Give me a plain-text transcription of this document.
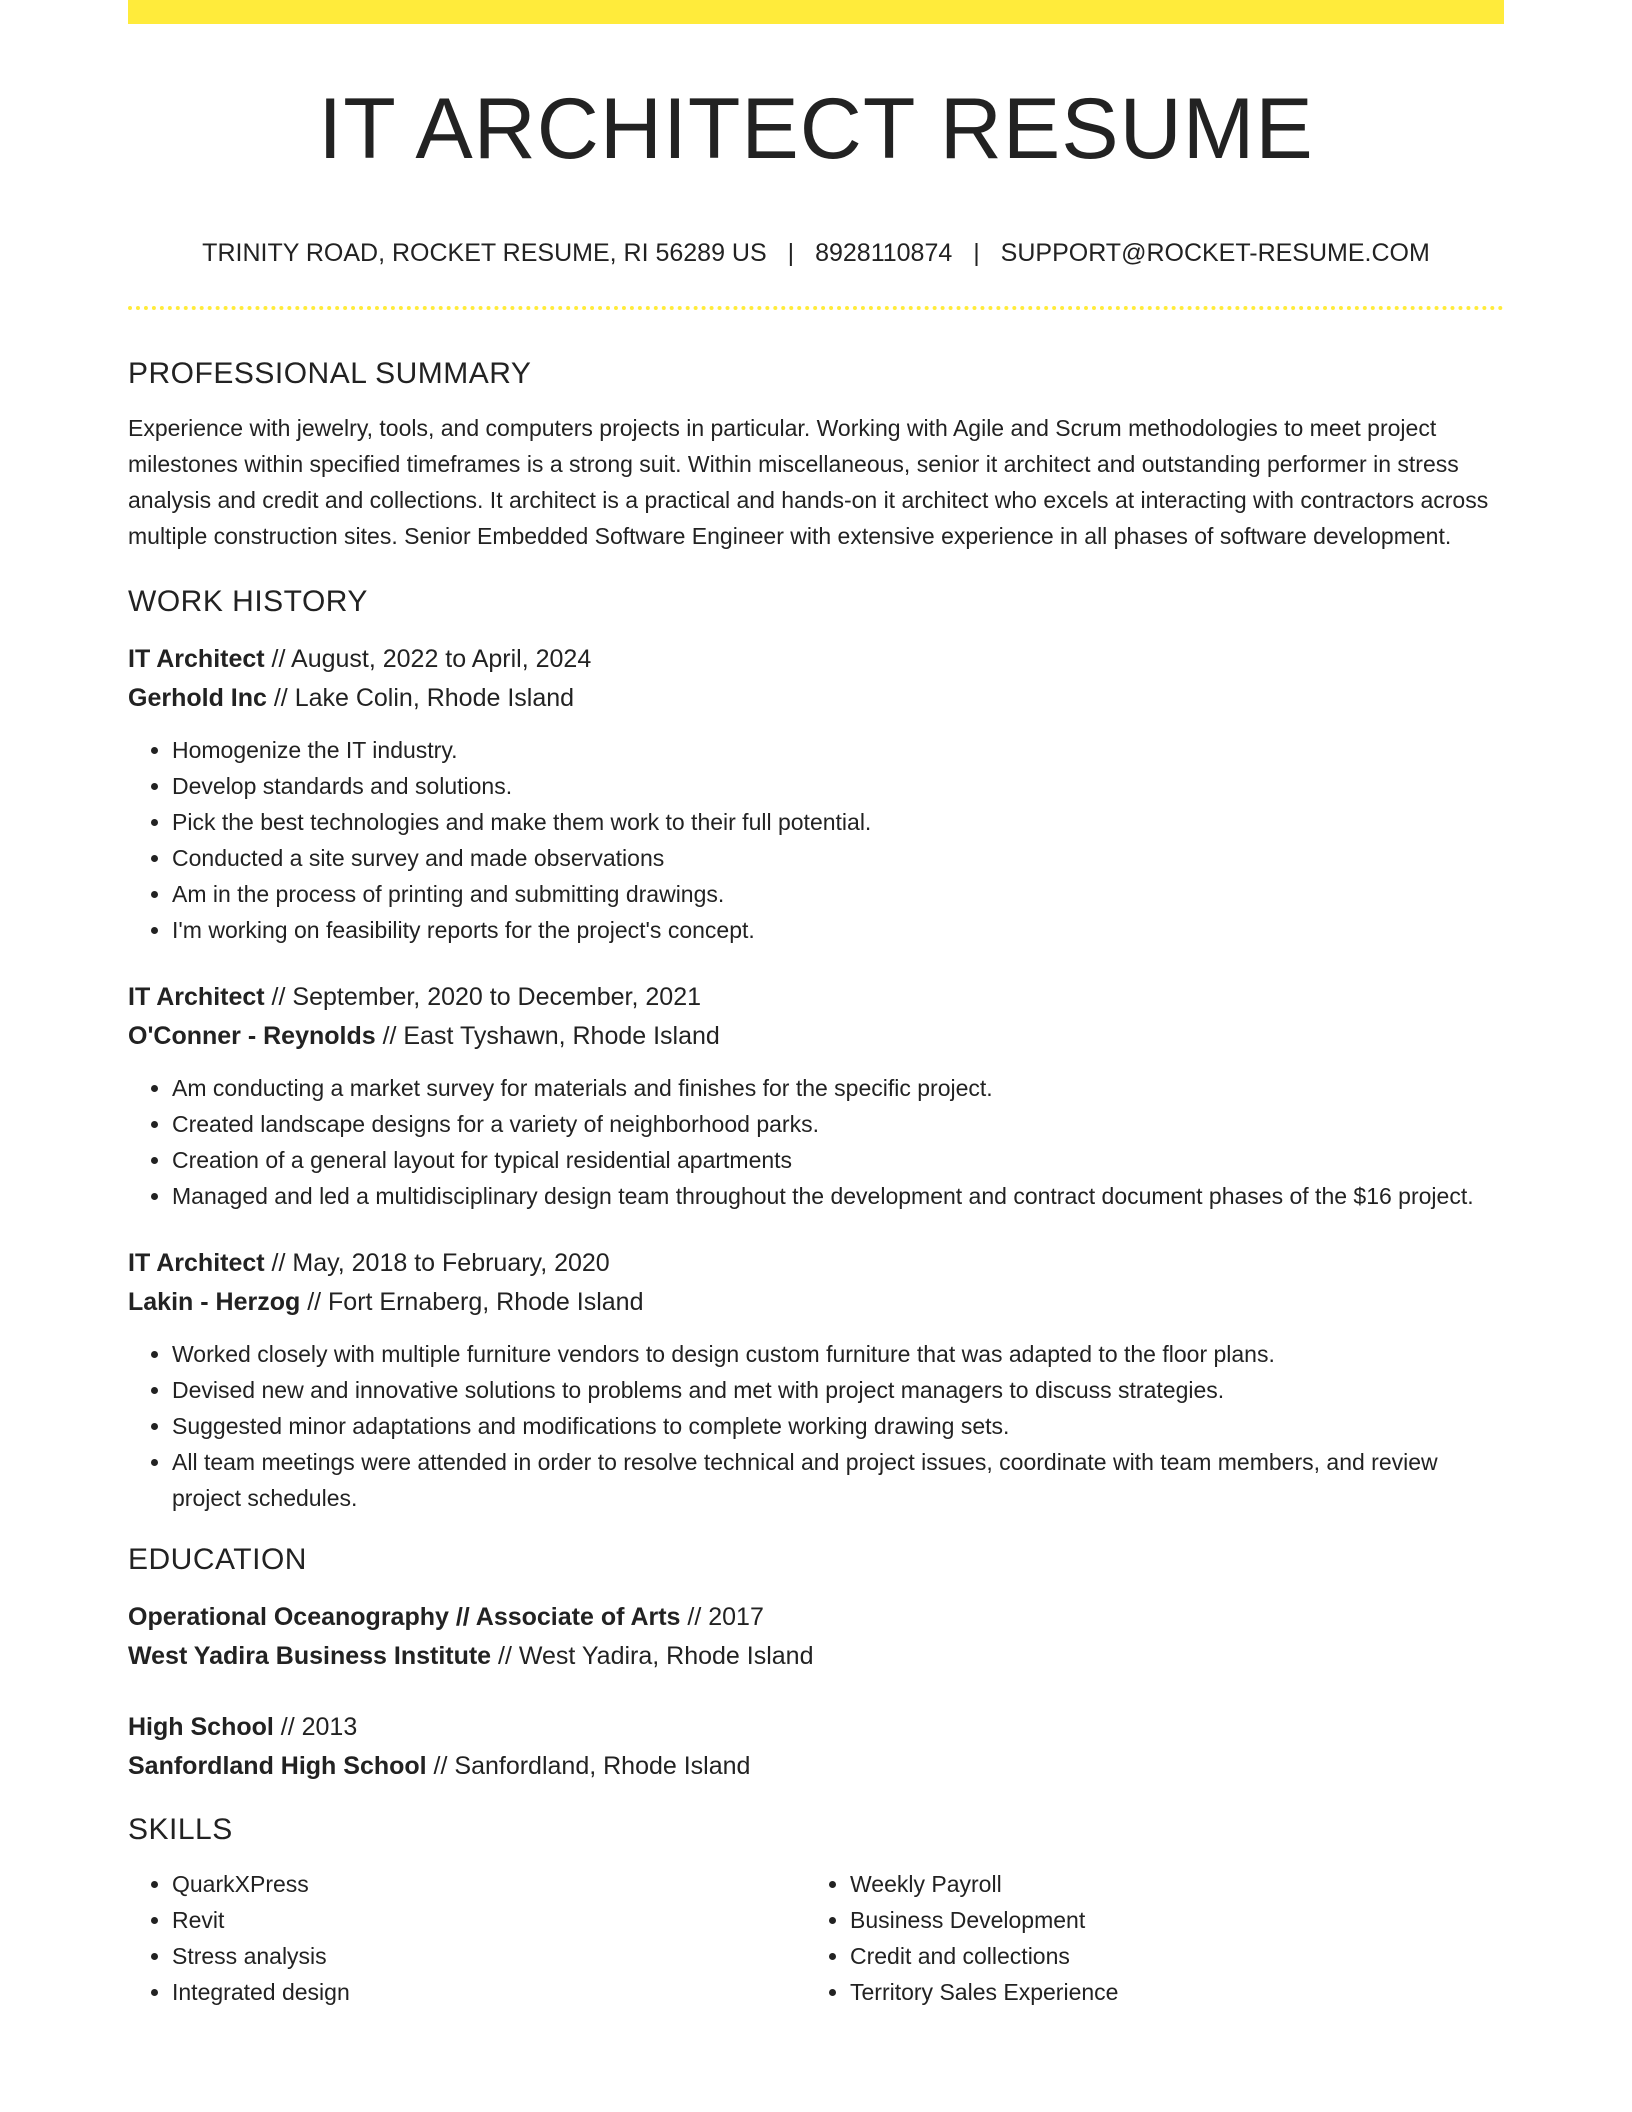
IT ARCHITECT RESUME
TRINITY ROAD, ROCKET RESUME, RI 56289 US | 8928110874 | SUPPORT@ROCKET-RESUME.COM
PROFESSIONAL SUMMARY

Experience with jewelry, tools, and computers projects in particular. Working with Agile and Scrum methodologies to meet project milestones within specified timeframes is a strong suit. Within miscellaneous, senior it architect and outstanding performer in stress analysis and credit and collections. It architect is a practical and hands-on it architect who excels at interacting with contractors across multiple construction sites. Senior Embedded Software Engineer with extensive experience in all phases of software development.

WORK HISTORY

IT Architect // August, 2022 to April, 2024

Gerhold Inc // Lake Colin, Rhode Island

• Homogenize the IT industry.
• Develop standards and solutions.
• Pick the best technologies and make them work to their full potential.
• Conducted a site survey and made observations
• Am in the process of printing and submitting drawings.
• I'm working on feasibility reports for the project's concept.

IT Architect // September, 2020 to December, 2021

O'Conner - Reynolds // East Tyshawn, Rhode Island

• Am conducting a market survey for materials and finishes for the specific project.
• Created landscape designs for a variety of neighborhood parks.
• Creation of a general layout for typical residential apartments
• Managed and led a multidisciplinary design team throughout the development and contract document phases of the $16 project.

IT Architect // May, 2018 to February, 2020

Lakin - Herzog // Fort Ernaberg, Rhode Island

• Worked closely with multiple furniture vendors to design custom furniture that was adapted to the floor plans.
• Devised new and innovative solutions to problems and met with project managers to discuss strategies.
• Suggested minor adaptations and modifications to complete working drawing sets.
• All team meetings were attended in order to resolve technical and project issues, coordinate with team members, and review project schedules.
EDUCATION

Operational Oceanography // Associate of Arts // 2017

West Yadira Business Institute // West Yadira, Rhode Island

High School // 2013

Sanfordland High School // Sanfordland, Rhode Island

SKILLS
• QuarkXPress
• Revit
• Stress analysis
• Integrated design
• Weekly Payroll
• Business Development
• Credit and collections
• Territory Sales Experience
